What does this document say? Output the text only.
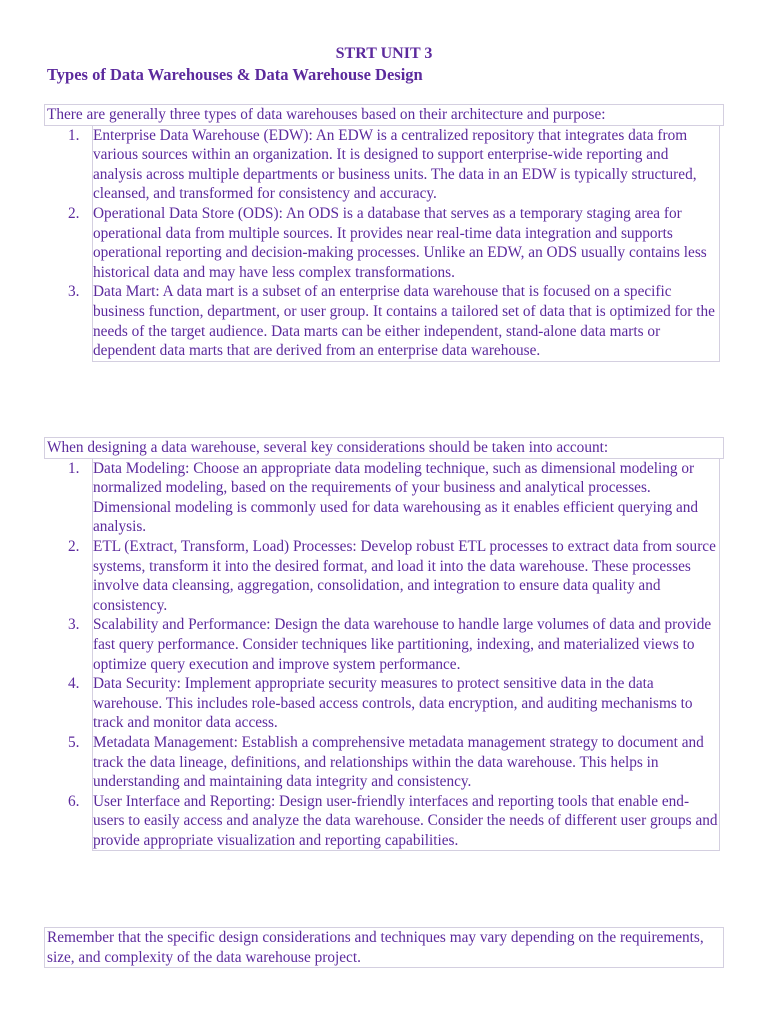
STRT UNIT 3
Types of Data Warehouses & Data Warehouse Design
There are generally three types of data warehouses based on their architecture and purpose:
1. Enterprise Data Warehouse (EDW): An EDW is a centralized repository that integrates data from various sources within an organization. It is designed to support enterprise-wide reporting and analysis across multiple departments or business units. The data in an EDW is typically structured, cleansed, and transformed for consistency and accuracy.
2. Operational Data Store (ODS): An ODS is a database that serves as a temporary staging area for operational data from multiple sources. It provides near real-time data integration and supports operational reporting and decision-making processes. Unlike an EDW, an ODS usually contains less historical data and may have less complex transformations.
3. Data Mart: A data mart is a subset of an enterprise data warehouse that is focused on a specific business function, department, or user group. It contains a tailored set of data that is optimized for the needs of the target audience. Data marts can be either independent, stand-alone data marts or dependent data marts that are derived from an enterprise data warehouse.
When designing a data warehouse, several key considerations should be taken into account:
1. Data Modeling: Choose an appropriate data modeling technique, such as dimensional modeling or normalized modeling, based on the requirements of your business and analytical processes. Dimensional modeling is commonly used for data warehousing as it enables efficient querying and analysis.
2. ETL (Extract, Transform, Load) Processes: Develop robust ETL processes to extract data from source systems, transform it into the desired format, and load it into the data warehouse. These processes involve data cleansing, aggregation, consolidation, and integration to ensure data quality and consistency.
3. Scalability and Performance: Design the data warehouse to handle large volumes of data and provide fast query performance. Consider techniques like partitioning, indexing, and materialized views to optimize query execution and improve system performance.
4. Data Security: Implement appropriate security measures to protect sensitive data in the data warehouse. This includes role-based access controls, data encryption, and auditing mechanisms to track and monitor data access.
5. Metadata Management: Establish a comprehensive metadata management strategy to document and track the data lineage, definitions, and relationships within the data warehouse. This helps in understanding and maintaining data integrity and consistency.
6. User Interface and Reporting: Design user-friendly interfaces and reporting tools that enable end-users to easily access and analyze the data warehouse. Consider the needs of different user groups and provide appropriate visualization and reporting capabilities.
Remember that the specific design considerations and techniques may vary depending on the requirements, size, and complexity of the data warehouse project.
